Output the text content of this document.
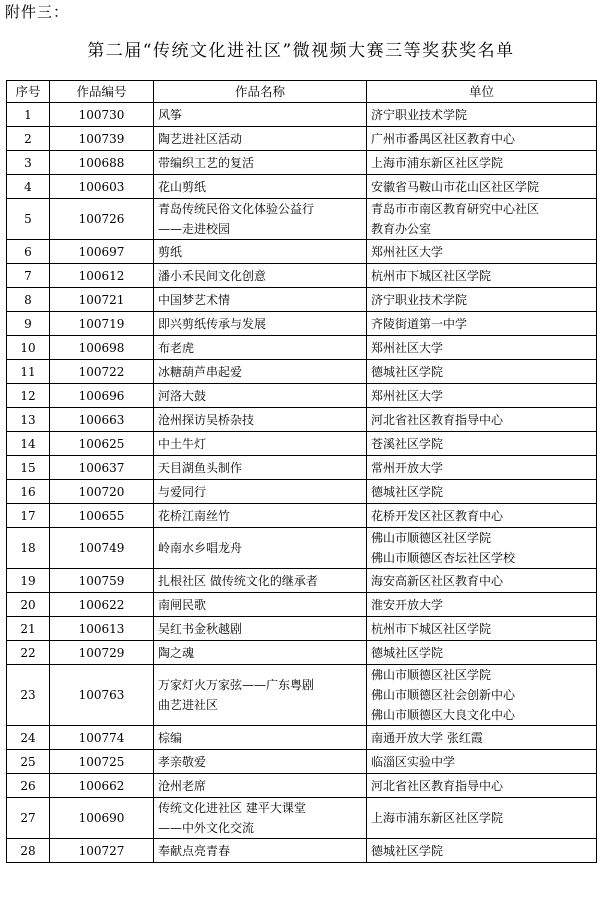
附件三：
第二届“传统文化进社区”微视频大赛三等奖获奖名单
序号	作品编号	作品名称	单位
1	100730	风筝	济宁职业技术学院

2	100739	陶艺进社区活动	广州市番禺区社区教育中心

3	100688	带编织工艺的复活	上海市浦东新区社区学院

4	100603	花山剪纸	安徽省马鞍山市花山区社区学院

5	100726	青岛传统民俗文化体验公益行
——走进校园	青岛市市南区教育研究中心社区
教育办公室

6	100697	剪纸	郑州社区大学

7	100612	潘小禾民间文化创意	杭州市下城区社区学院

8	100721	中国梦艺术情	济宁职业技术学院

9	100719	即兴剪纸传承与发展	齐陵街道第一中学

10	100698	布老虎	郑州社区大学

11	100722	冰糖葫芦串起爱	德城社区学院

12	100696	河洛大鼓	郑州社区大学

13	100663	沧州探访吴桥杂技	河北省社区教育指导中心

14	100625	中土牛灯	苍溪社区学院

15	100637	天目湖鱼头制作	常州开放大学

16	100720	与爱同行	德城社区学院

17	100655	花桥江南丝竹	花桥开发区社区教育中心

18	100749	岭南水乡唱龙舟	佛山市顺德区社区学院
佛山市顺德区杏坛社区学校

19	100759	扎根社区 做传统文化的继承者	海安高新区社区教育中心

20	100622	南闸民歌	淮安开放大学

21	100613	吴红书金秋越剧	杭州市下城区社区学院

22	100729	陶之魂	德城社区学院

23	100763	万家灯火万家弦——广东粤剧
曲艺进社区	佛山市顺德区社区学院
佛山市顺德区社会创新中心
佛山市顺德区大良文化中心

24	100774	棕编	南通开放大学 张红霞

25	100725	孝亲敬爱	临淄区实验中学

26	100662	沧州老席	河北省社区教育指导中心

27	100690	传统文化进社区 建平大课堂
——中外文化交流	上海市浦东新区社区学院

28	100727	奉献点亮青春	德城社区学院
